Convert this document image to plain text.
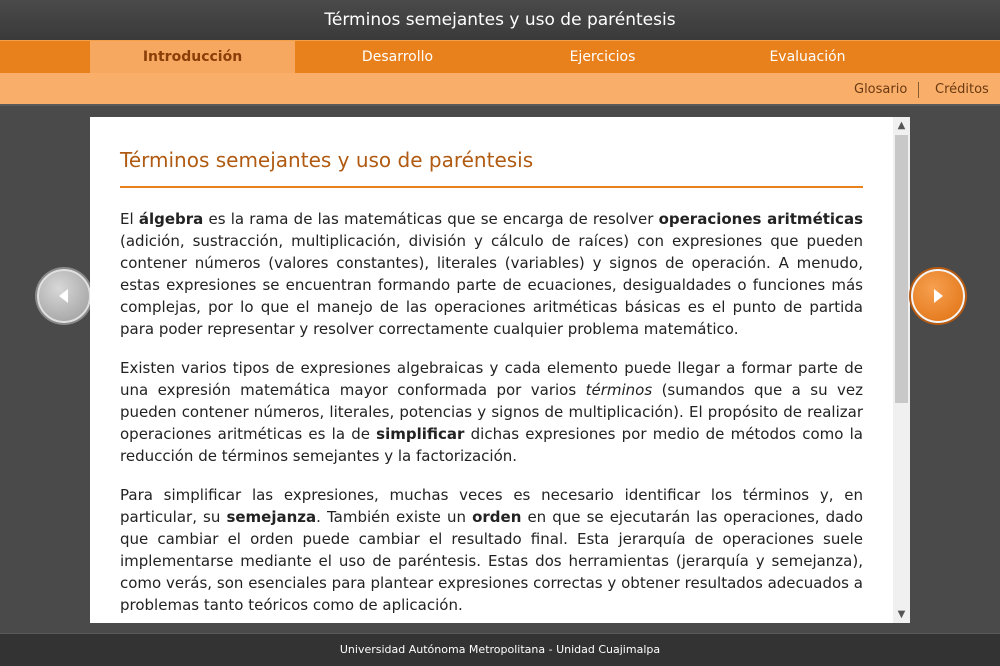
Términos semejantes y uso de paréntesis
Introducción	Desarrollo	Ejercicios	Evaluación
Glosario Créditos
Términos semejantes y uso de paréntesis

El álgebra es la rama de las matemáticas que se encarga de resolver operaciones aritméticas (adición, sustracción, multiplicación, división y cálculo de raíces) con expresiones que pueden contener números (valores constantes), literales (variables) y signos de operación. A menudo, estas expresiones se encuentran formando parte de ecuaciones, desigualdades o funciones más complejas, por lo que el manejo de las operaciones aritméticas básicas es el punto de partida para poder representar y resolver correctamente cualquier problema matemático.

Existen varios tipos de expresiones algebraicas y cada elemento puede llegar a formar parte de una expresión matemática mayor conformada por varios términos (sumandos que a su vez pueden contener números, literales, potencias y signos de multiplicación). El propósito de realizar operaciones aritméticas es la de simplificar dichas expresiones por medio de métodos como la reducción de términos semejantes y la factorización.

Para simplificar las expresiones, muchas veces es necesario identificar los términos y, en particular, su semejanza. También existe un orden en que se ejecutarán las operaciones, dado que cambiar el orden puede cambiar el resultado final. Esta jerarquía de operaciones suele implementarse mediante el uso de paréntesis. Estas dos herramientas (jerarquía y semejanza), como verás, son esenciales para plantear expresiones correctas y obtener resultados adecuados a problemas tanto teóricos como de aplicación.

▲
▼
Universidad Autónoma Metropolitana - Unidad Cuajimalpa
